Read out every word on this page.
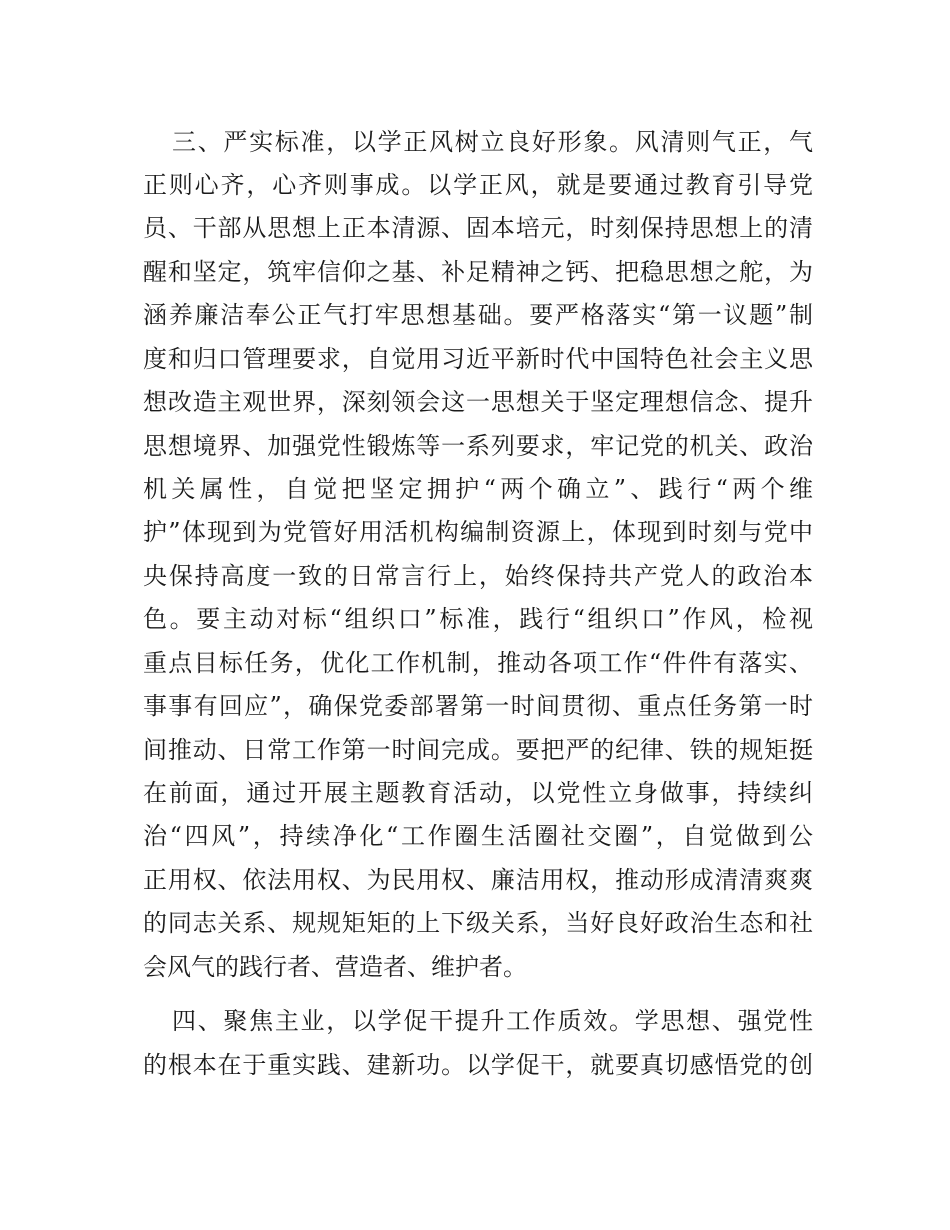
三、严实标准，以学正风树立良好形象。风清则气正，气
正则心齐，心齐则事成。以学正风，就是要通过教育引导党
员、干部从思想上正本清源、固本培元，时刻保持思想上的清
醒和坚定，筑牢信仰之基、补足精神之钙、把稳思想之舵，为
涵养廉洁奉公正气打牢思想基础。要严格落实“第一议题”制
度和归口管理要求，自觉用习近平新时代中国特色社会主义思
想改造主观世界，深刻领会这一思想关于坚定理想信念、提升
思想境界、加强党性锻炼等一系列要求，牢记党的机关、政治
机关属性，自觉把坚定拥护“两个确立”、践行“两个维
护”体现到为党管好用活机构编制资源上，体现到时刻与党中
央保持高度一致的日常言行上，始终保持共产党人的政治本
色。要主动对标“组织口”标准，践行“组织口”作风，检视
重点目标任务，优化工作机制，推动各项工作“件件有落实、
事事有回应”，确保党委部署第一时间贯彻、重点任务第一时
间推动、日常工作第一时间完成。要把严的纪律、铁的规矩挺
在前面，通过开展主题教育活动，以党性立身做事，持续纠
治“四风”，持续净化“工作圈生活圈社交圈”，自觉做到公
正用权、依法用权、为民用权、廉洁用权，推动形成清清爽爽
的同志关系、规规矩矩的上下级关系，当好良好政治生态和社
会风气的践行者、营造者、维护者。
四、聚焦主业，以学促干提升工作质效。学思想、强党性
的根本在于重实践、建新功。以学促干，就要真切感悟党的创
